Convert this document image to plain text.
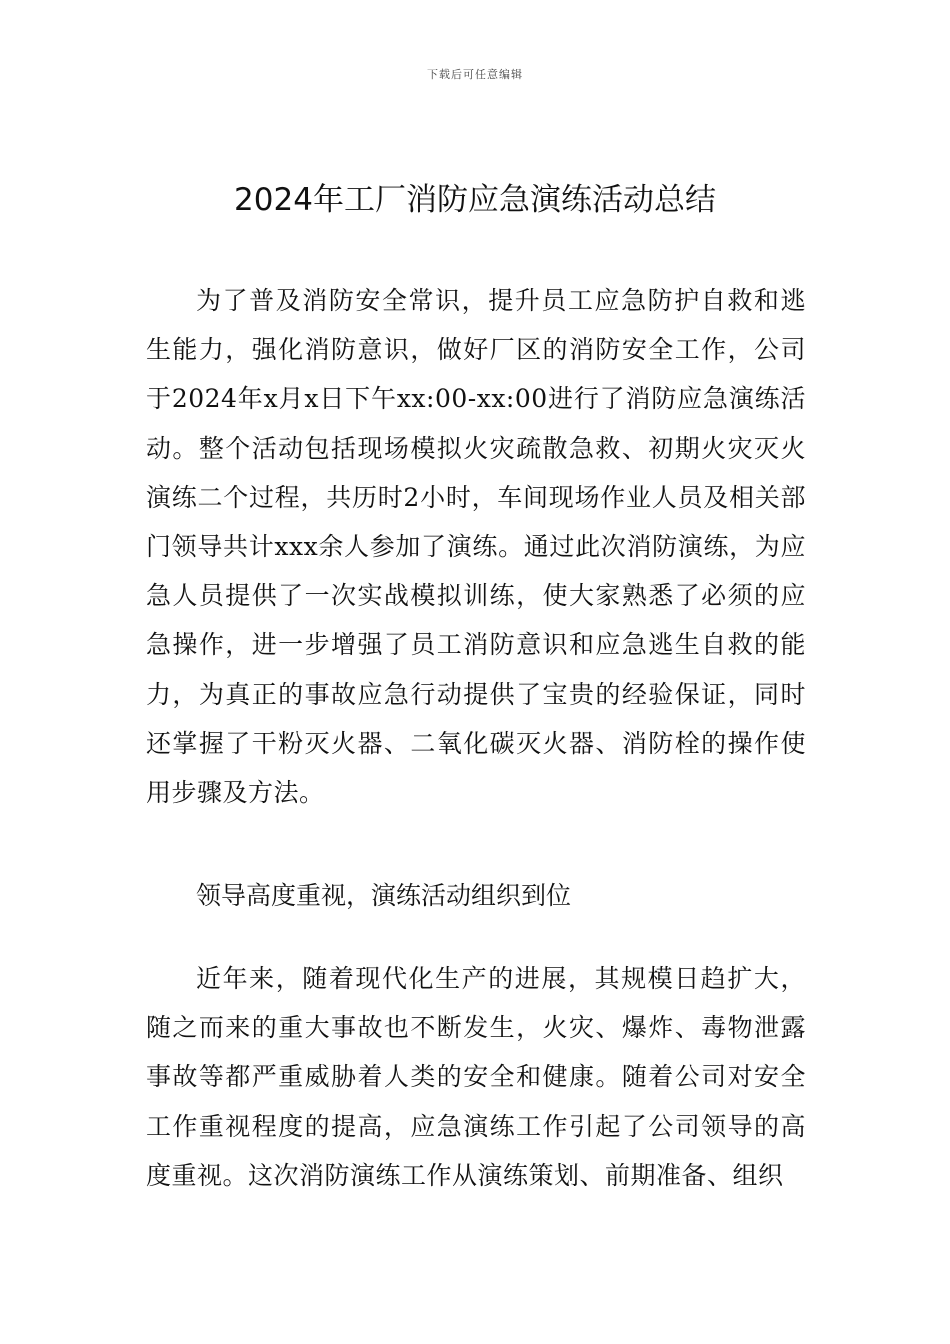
下载后可任意编辑
2024年工厂消防应急演练活动总结

为了普及消防安全常识，提升员工应急防护自救和逃生能力，强化消防意识，做好厂区的消防安全工作，公司于2024年x月x日下午xx:00-xx:00进行了消防应急演练活动。整个活动包括现场模拟火灾疏散急救、初期火灾灭火演练二个过程，共历时2小时，车间现场作业人员及相关部门领导共计xxx余人参加了演练。通过此次消防演练，为应急人员提供了一次实战模拟训练，使大家熟悉了必须的应急操作，进一步增强了员工消防意识和应急逃生自救的能力，为真正的事故应急行动提供了宝贵的经验保证，同时还掌握了干粉灭火器、二氧化碳灭火器、消防栓的操作使用步骤及方法。

领导高度重视，演练活动组织到位

近年来，随着现代化生产的进展，其规模日趋扩大，随之而来的重大事故也不断发生，火灾、爆炸、毒物泄露事故等都严重威胁着人类的安全和健康。随着公司对安全工作重视程度的提高，应急演练工作引起了公司领导的高度重视。这次消防演练工作从演练策划、前期准备、组织
